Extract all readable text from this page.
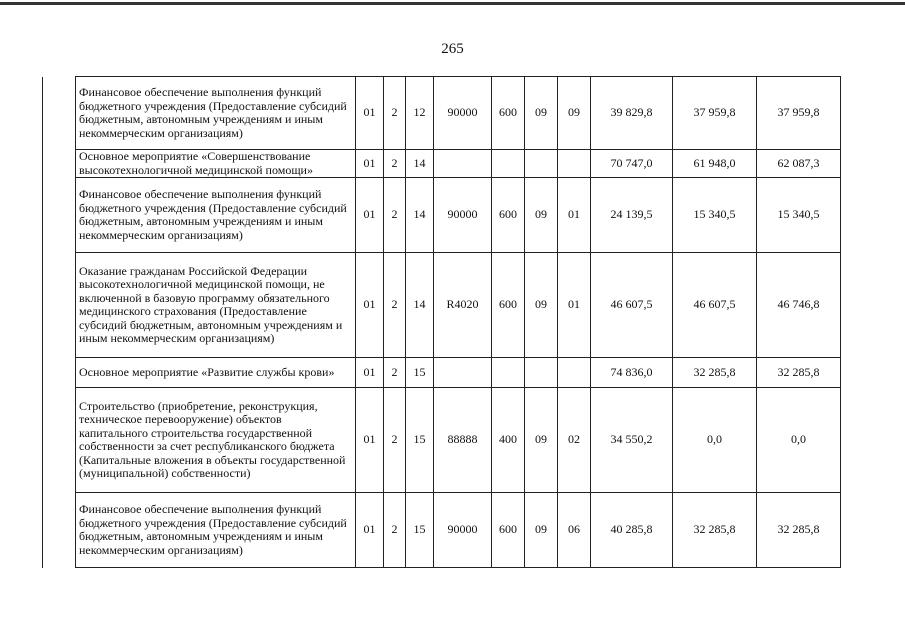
265
	Финансовое обеспечение выполнения функций бюджетного учреждения (Предоставление субсидий бюджетным, автономным учреждениям и иным некоммерческим организациям)	01	2	12	90000	600	09	09	39 829,8	37 959,8	37 959,8
	Основное мероприятие «Совершенствование высокотехнологичной медицинской помощи»	01	2	14					70 747,0	61 948,0	62 087,3
	Финансовое обеспечение выполнения функций бюджетного учреждения (Предоставление субсидий бюджетным, автономным учреждениям и иным некоммерческим организациям)	01	2	14	90000	600	09	01	24 139,5	15 340,5	15 340,5
	Оказание гражданам Российской Федерации высокотехнологичной медицинской помощи, не включенной в базовую программу обязательного медицинского страхования (Предоставление субсидий бюджетным, автономным учреждениям и иным некоммерческим организациям)	01	2	14	R4020	600	09	01	46 607,5	46 607,5	46 746,8
	Основное мероприятие «Развитие службы крови»	01	2	15					74 836,0	32 285,8	32 285,8
	Строительство (приобретение, реконструкция, техническое перевооружение) объектов капитального строительства государственной собственности за счет республиканского бюджета (Капитальные вложения в объекты государственной (муниципальной) собственности)	01	2	15	88888	400	09	02	34 550,2	0,0	0,0
	Финансовое обеспечение выполнения функций бюджетного учреждения (Предоставление субсидий бюджетным, автономным учреждениям и иным некоммерческим организациям)	01	2	15	90000	600	09	06	40 285,8	32 285,8	32 285,8
